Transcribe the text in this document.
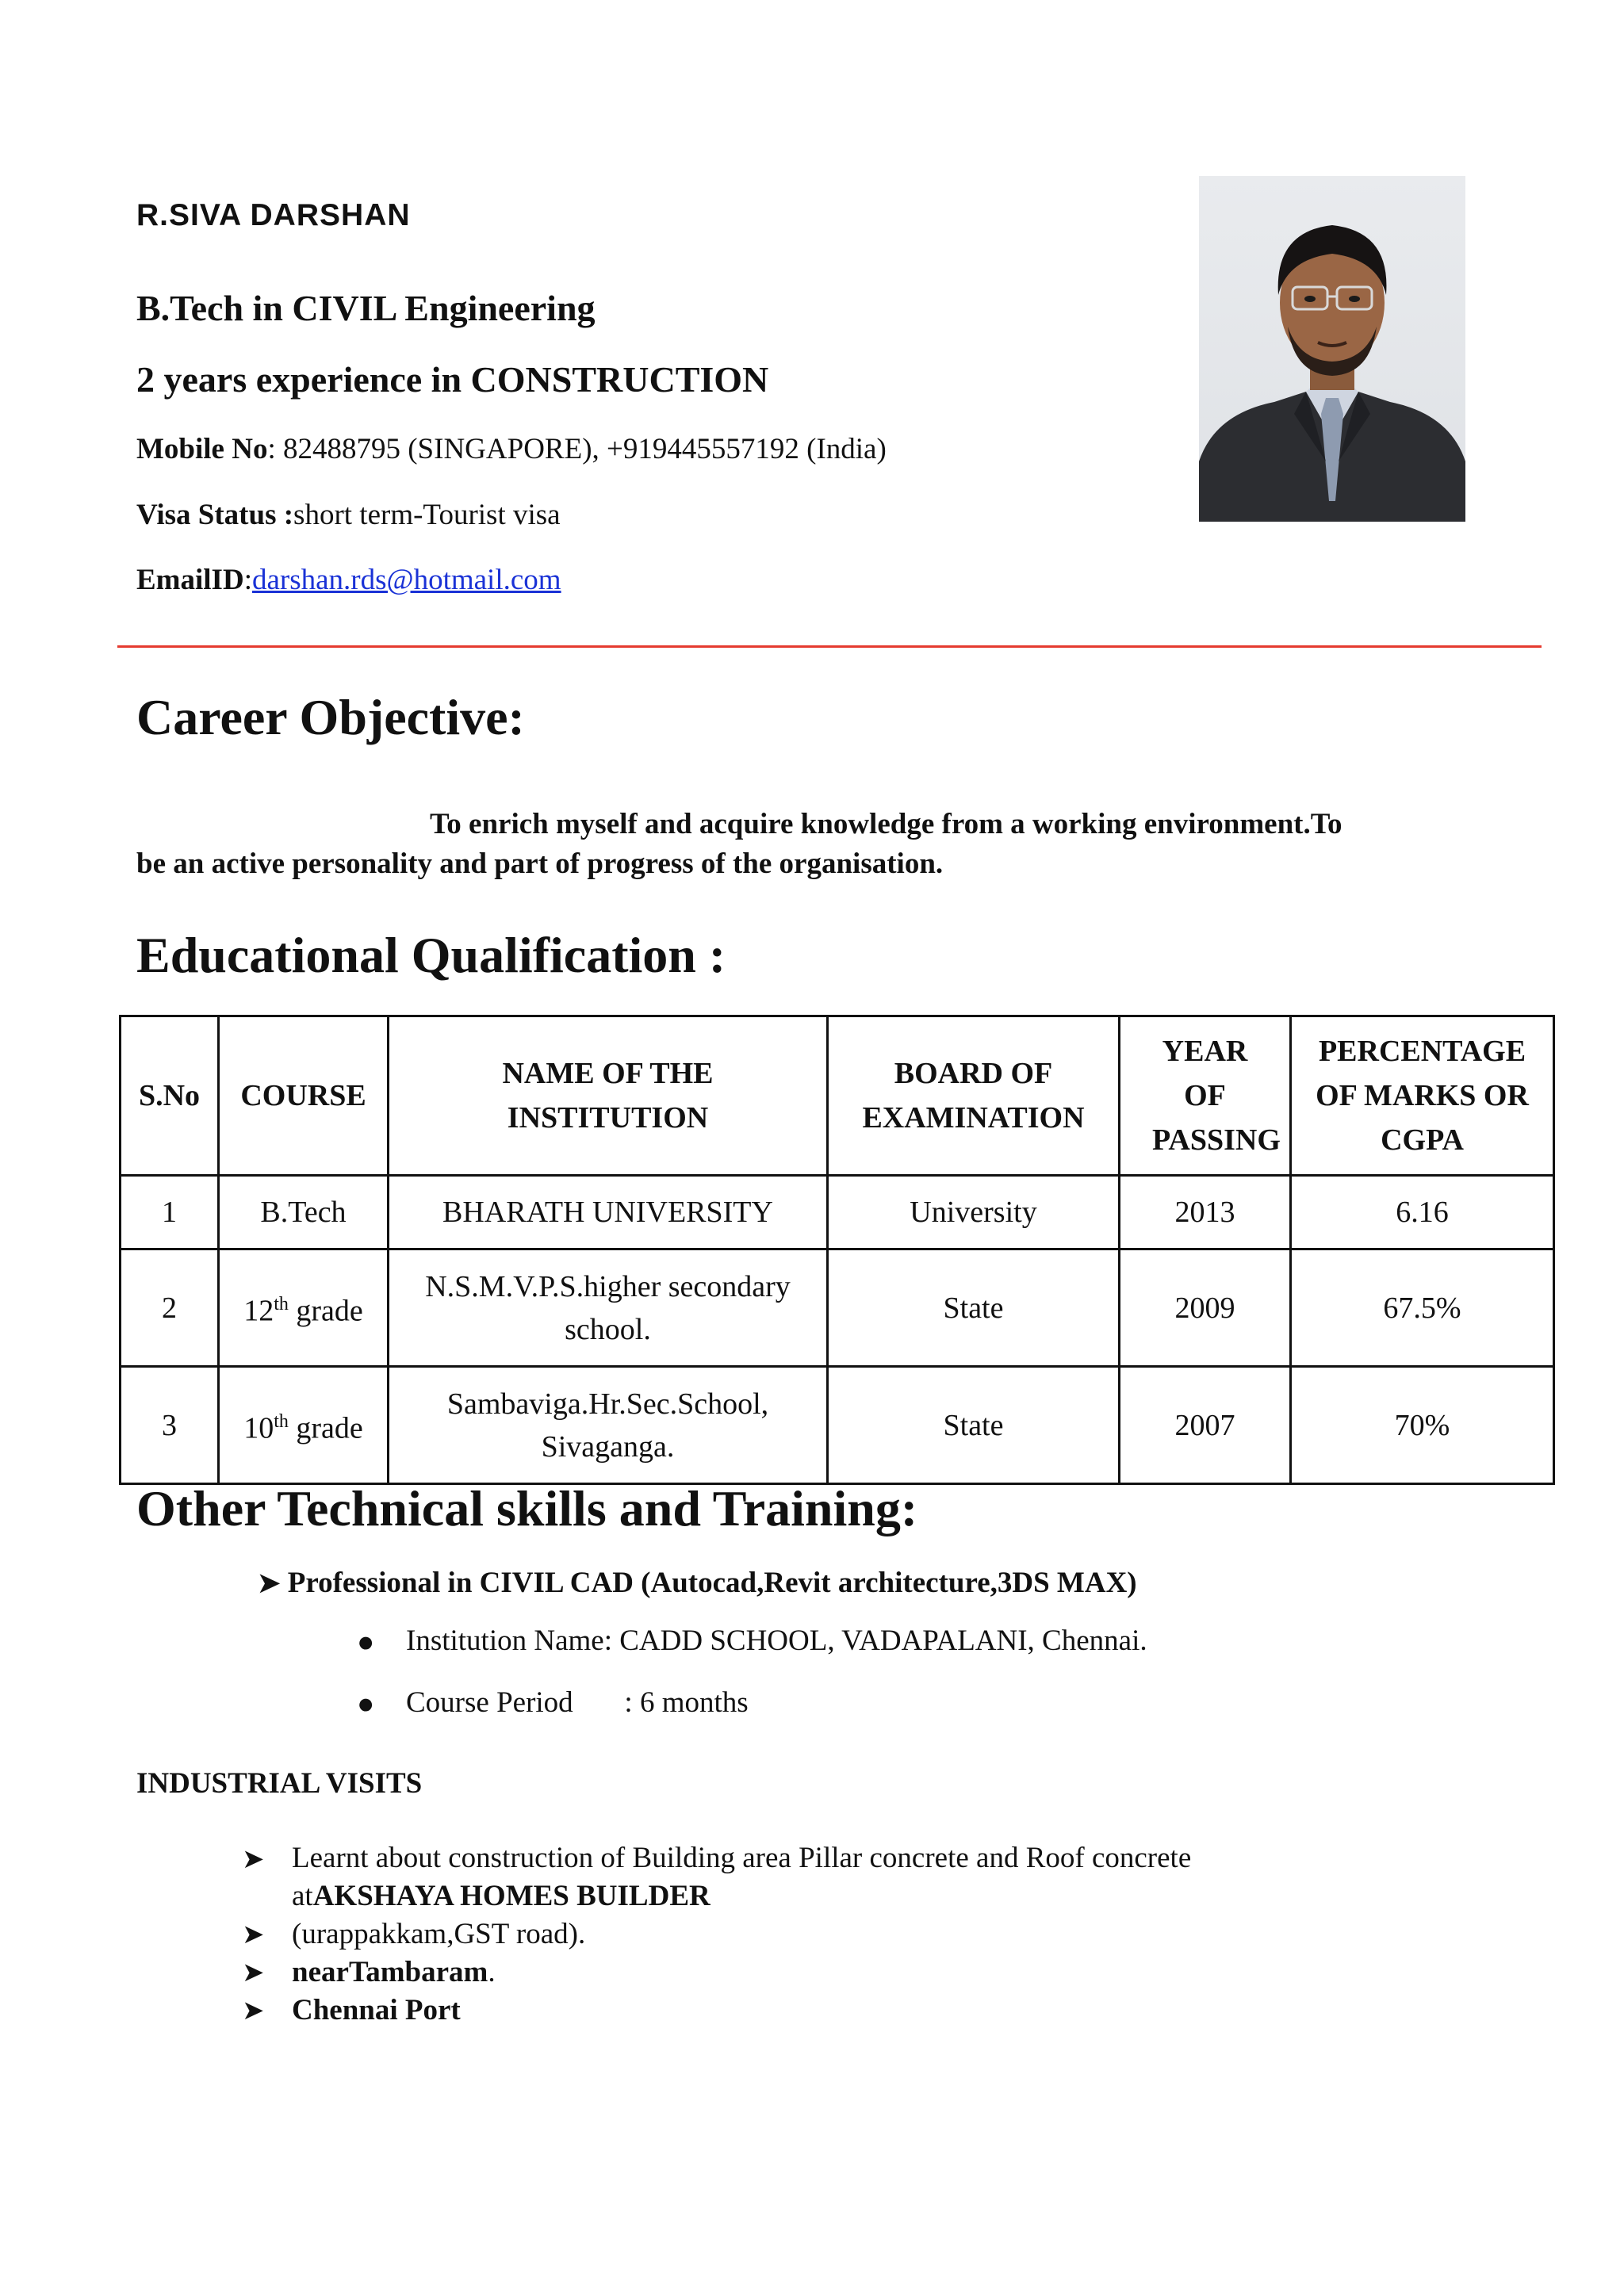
R.SIVA DARSHAN
B.Tech in CIVIL Engineering
2 years experience in CONSTRUCTION
Mobile No: 82488795 (SINGAPORE), +919445557192 (India)
Visa Status :short term-Tourist visa
EmailID:darshan.rds@hotmail.com
Career Objective:
To enrich myself and acquire knowledge from a working environment.To
be an active personality and part of progress of the organisation.
Educational Qualification :
S.No	COURSE	NAME OF THE INSTITUTION	BOARD OF EXAMINATION	YEAR OF PASSING	PERCENTAGE OF MARKS OR CGPA
1	B.Tech	BHARATH UNIVERSITY	University	2013	6.16
2	12th grade	N.S.M.V.P.S.higher secondary school.	State	2009	67.5%
3	10th grade	Sambaviga.Hr.Sec.School, Sivaganga.	State	2007	70%
Other Technical skills and Training:
➤ Professional in CIVIL CAD (Autocad,Revit architecture,3DS MAX)
● Institution Name: CADD SCHOOL, VADAPALANI, Chennai.
● Course Period       : 6 months
INDUSTRIAL VISITS
➤ Learnt about construction of Building area Pillar concrete and Roof concrete
atAKSHAYA HOMES BUILDER
➤ (urappakkam,GST road).
➤ nearTambaram.
➤ Chennai Port
